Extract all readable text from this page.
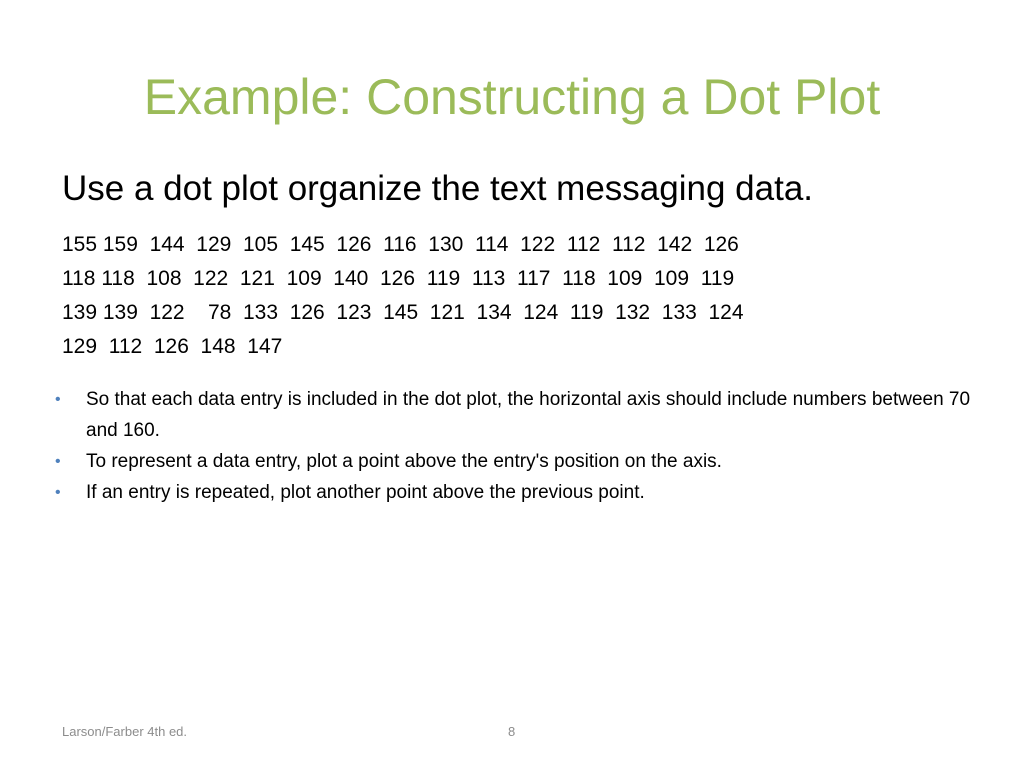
Example: Constructing a Dot Plot
Use a dot plot organize the text messaging data.
155 159  144  129  105  145  126  116  130  114  122  112  112  142  126
118 118  108  122  121  109  140  126  119  113  117  118  109  109  119
139 139  122    78  133  126  123  145  121  134  124  119  132  133  124
129  112  126  148  147
• So that each data entry is included in the dot plot, the horizontal axis should include numbers between 70 and 160.
• To represent a data entry, plot a point above the entry's position on the axis.
• If an entry is repeated, plot another point above the previous point.
Larson/Farber 4th ed.	8
